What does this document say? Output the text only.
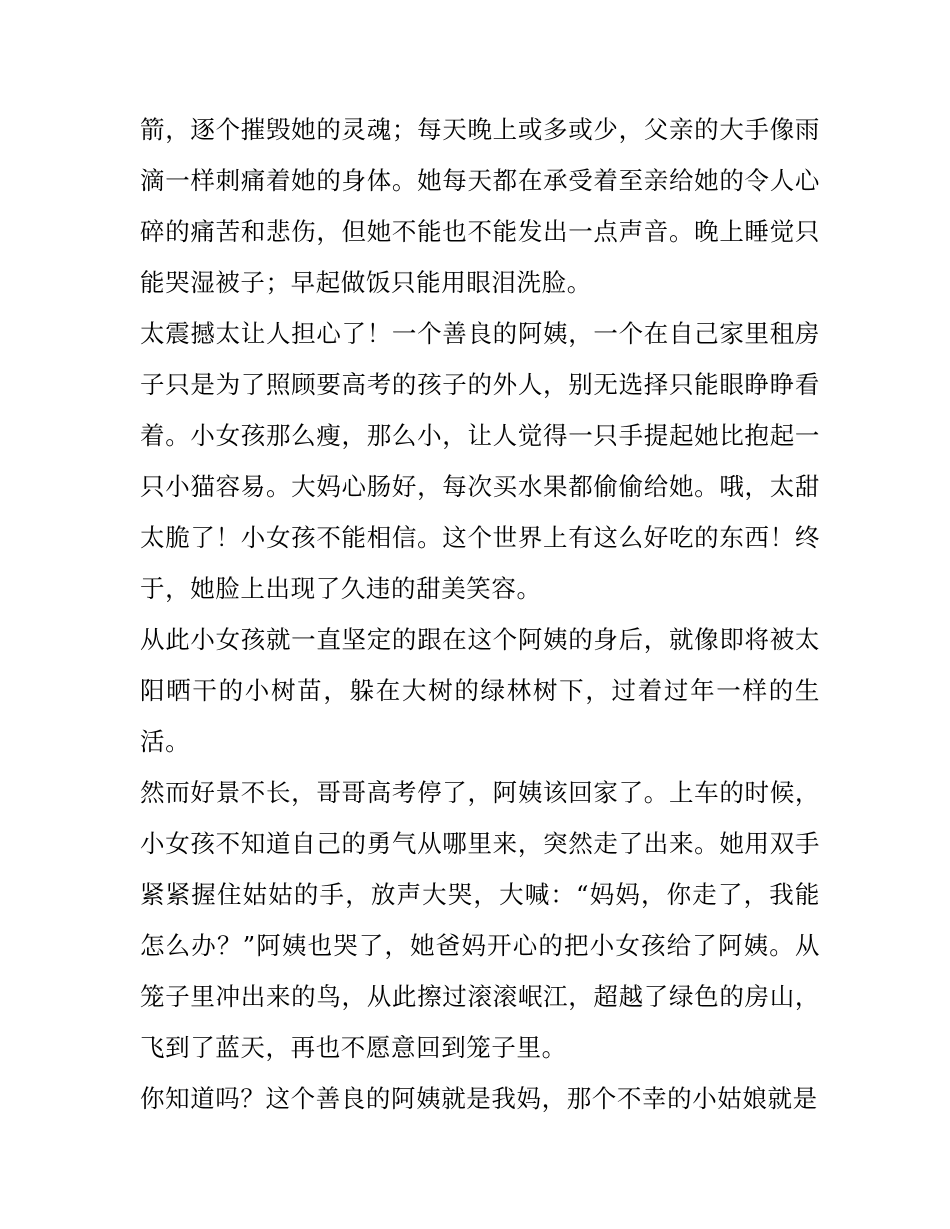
箭，逐个摧毁她的灵魂；每天晚上或多或少，父亲的大手像雨滴一样刺痛着她的身体。她每天都在承受着至亲给她的令人心碎的痛苦和悲伤，但她不能也不能发出一点声音。晚上睡觉只能哭湿被子；早起做饭只能用眼泪洗脸。

太震撼太让人担心了！一个善良的阿姨，一个在自己家里租房子只是为了照顾要高考的孩子的外人，别无选择只能眼睁睁看着。小女孩那么瘦，那么小，让人觉得一只手提起她比抱起一只小猫容易。大妈心肠好，每次买水果都偷偷给她。哦，太甜太脆了！小女孩不能相信。这个世界上有这么好吃的东西！终于，她脸上出现了久违的甜美笑容。

从此小女孩就一直坚定的跟在这个阿姨的身后，就像即将被太阳晒干的小树苗，躲在大树的绿林树下，过着过年一样的生活。

然而好景不长，哥哥高考停了，阿姨该回家了。上车的时候，小女孩不知道自己的勇气从哪里来，突然走了出来。她用双手紧紧握住姑姑的手，放声大哭，大喊：“妈妈，你走了，我能怎么办？”阿姨也哭了，她爸妈开心的把小女孩给了阿姨。从笼子里冲出来的鸟，从此擦过滚滚岷江，超越了绿色的房山，飞到了蓝天，再也不愿意回到笼子里。

你知道吗？这个善良的阿姨就是我妈，那个不幸的小姑娘就是
